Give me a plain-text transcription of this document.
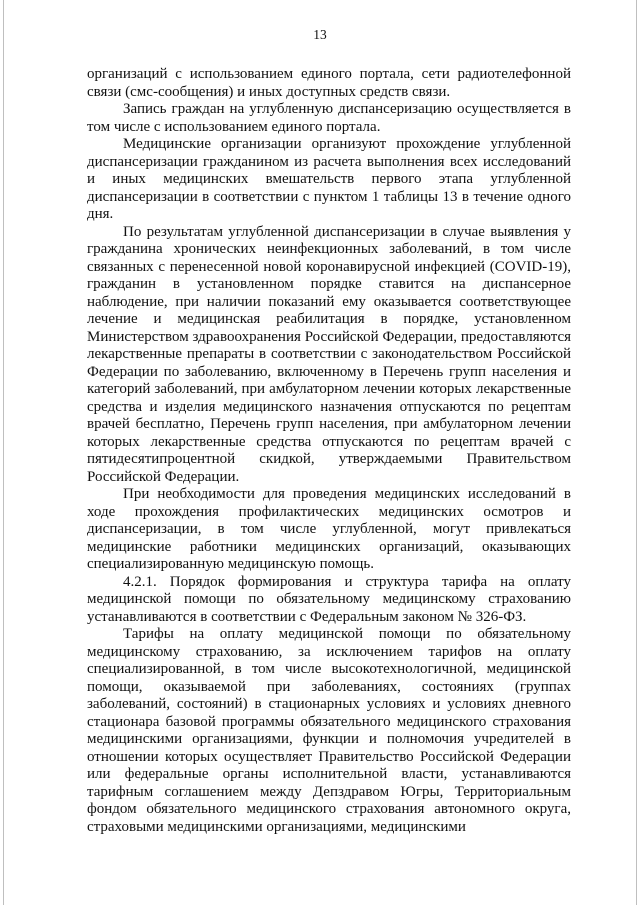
13

организаций с использованием единого портала, сети радиотелефонной связи (смс-сообщения) и иных доступных средств связи.

Запись граждан на углубленную диспансеризацию осуществляется в том числе с использованием единого портала.

Медицинские организации организуют прохождение углубленной диспансеризации гражданином из расчета выполнения всех исследований и иных медицинских вмешательств первого этапа углубленной диспансеризации в соответствии с пунктом 1 таблицы 13 в течение одного дня.

По результатам углубленной диспансеризации в случае выявления у гражданина хронических неинфекционных заболеваний, в том числе связанных с перенесенной новой коронавирусной инфекцией (COVID-19), гражданин в установленном порядке ставится на диспансерное наблюдение, при наличии показаний ему оказывается соответствующее лечение и медицинская реабилитация в порядке, установленном Министерством здравоохранения Российской Федерации, предоставляются лекарственные препараты в соответствии с законодательством Российской Федерации по заболеванию, включенному в Перечень групп населения и категорий заболеваний, при амбулаторном лечении которых лекарственные средства и изделия медицинского назначения отпускаются по рецептам врачей бесплатно, Перечень групп населения, при амбулаторном лечении которых лекарственные средства отпускаются по рецептам врачей с пятидесятипроцентной скидкой, утверждаемыми Правительством Российской Федерации.

При необходимости для проведения медицинских исследований в ходе прохождения профилактических медицинских осмотров и диспансеризации, в том числе углубленной, могут привлекаться медицинские работники медицинских организаций, оказывающих специализированную медицинскую помощь.

4.2.1. Порядок формирования и структура тарифа на оплату медицинской помощи по обязательному медицинскому страхованию устанавливаются в соответствии с Федеральным законом № 326-ФЗ.

Тарифы на оплату медицинской помощи по обязательному медицинскому страхованию, за исключением тарифов на оплату специализированной, в том числе высокотехнологичной, медицинской помощи, оказываемой при заболеваниях, состояниях (группах заболеваний, состояний) в стационарных условиях и условиях дневного стационара базовой программы обязательного медицинского страхования медицинскими организациями, функции и полномочия учредителей в отношении которых осуществляет Правительство Российской Федерации или федеральные органы исполнительной власти, устанавливаются тарифным соглашением между Депздравом Югры, Территориальным фондом обязательного медицинского страхования автономного округа, страховыми медицинскими организациями, медицинскими
